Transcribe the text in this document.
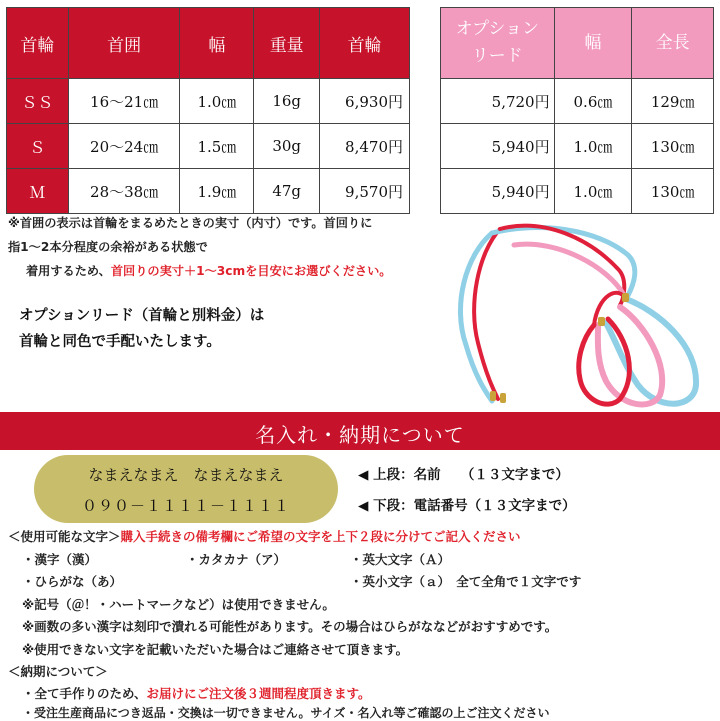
首輪	首囲	幅	重量	首輪
ＳＳ	16～21㎝	1.0㎝	16g	6,930円
Ｓ	20～24㎝	1.5㎝	30g	8,470円
Ｍ	28～38㎝	1.9㎝	47g	9,570円
オプション
リード	幅	全長
5,720円	0.6㎝	129㎝
5,940円	1.0㎝	130㎝
5,940円	1.0㎝	130㎝
※首囲の表示は首輪をまるめたときの実寸（内寸）です。首回りに
指1～2本分程度の余裕がある状態で
着用するため、首回りの実寸＋1～3cmを目安にお選びください。
オプションリード（首輪と別料金）は
首輪と同色で手配いたします。
名入れ・納期について
なまえなまえ　なまえなまえ
０９０－１１１１－１１１１
◀ 上段：名前　　（１３文字まで）
◀ 下段：電話番号（１３文字まで）
＜使用可能な文字＞購入手続きの備考欄にご希望の文字を上下２段に分けてご記入ください
・漢字（漢）	・カタカナ（ア）	・英大文字（Ａ）
・ひらがな（あ）	・英小文字（ａ）　全て全角で１文字です
※記号（＠！・ハートマークなど）は使用できません。
※画数の多い漢字は刻印で潰れる可能性があります。その場合はひらがななどがおすすめです。
※使用できない文字を記載いただいた場合はご連絡させて頂きます。
＜納期について＞
・全て手作りのため、お届けにご注文後３週間程度頂きます。
・受注生産商品につき返品・交換は一切できません。サイズ・名入れ等ご確認の上ご注文ください
